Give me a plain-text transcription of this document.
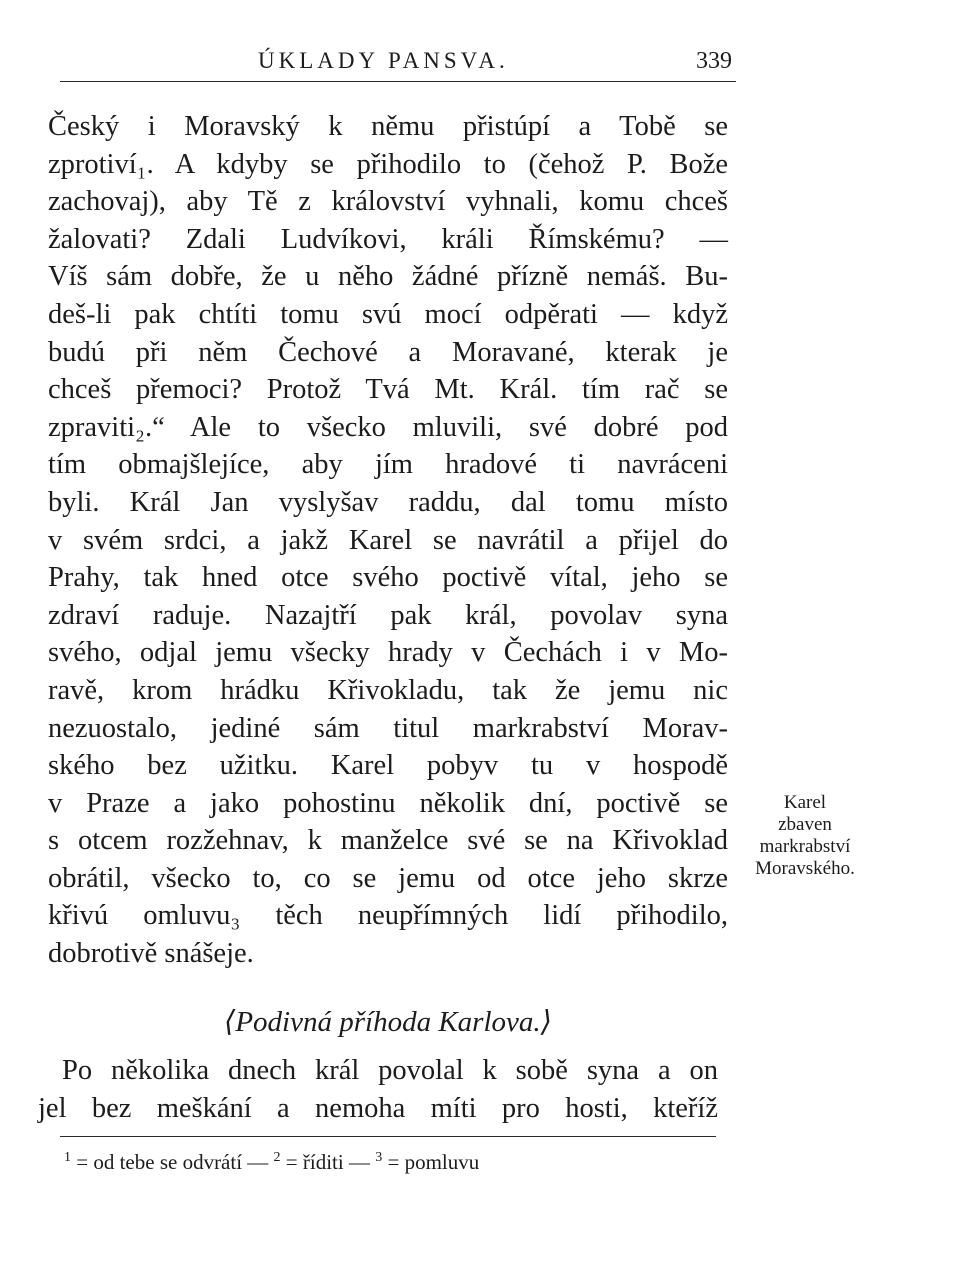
ÚKLADY PANSVA.	339
Český i Moravský k němu přistúpí a Tobě se
zprotiví₁. A kdyby se přihodilo to (čehož P. Bože
zachovaj), aby Tě z království vyhnali, komu chceš
žalovati? Zdali Ludvíkovi, králi Římskému? —
Víš sám dobře, že u něho žádné přízně nemáš. Bu-
deš-li pak chtíti tomu svú mocí odpěrati — když
budú při něm Čechové a Moravané, kterak je
chceš přemoci? Protož Tvá Mt. Král. tím rač se
zpraviti₂.“ Ale to všecko mluvili, své dobré pod
tím obmajšlejíce, aby jím hradové ti navráceni
byli. Král Jan vyslyšav raddu, dal tomu místo
v svém srdci, a jakž Karel se navrátil a přijel do
Prahy, tak hned otce svého poctivě vítal, jeho se
zdraví raduje. Nazajtří pak král, povolav syna
svého, odjal jemu všecky hrady v Čechách i v Mo-
ravě, krom hrádku Křivokladu, tak že jemu nic
nezuostalo, jediné sám titul markrabství Morav-
ského bez užitku. Karel pobyv tu v hospodě
v Praze a jako pohostinu několik dní, poctivě se
s otcem rozžehnav, k manželce své se na Křivoklad
obrátil, všecko to, co se jemu od otce jeho skrze
křivú omluvu₃ těch neupřímných lidí přihodilo,
dobrotivě snášeje.
Karel
zbaven
markrabství
Moravského.
⟨Podivná příhoda Karlova.⟩
Po několika dnech král povolal k sobě syna a on
jel bez meškání a nemoha míti pro hosti, kteříž
$^1$ = od tebe se odvrátí — $^2$ = říditi — $^3$ = pomluvu
